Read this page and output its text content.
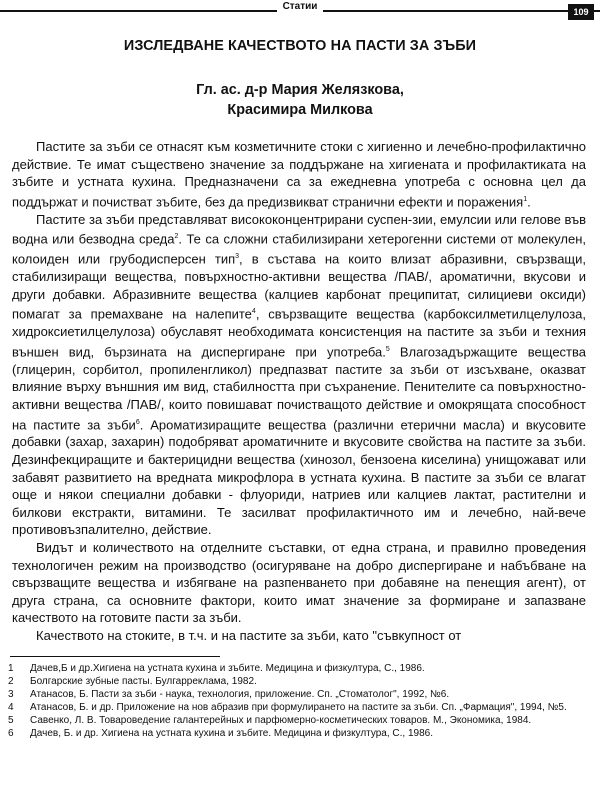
Статии	109
ИЗСЛЕДВАНЕ КАЧЕСТВОТО НА ПАСТИ ЗА ЗЪБИ
Гл. ас. д-р Мария Желязкова,
Красимира Милкова

Пастите за зъби се отнасят към козметичните стоки с хигиенно и лечебно-профилактично действие. Те имат съществено значение за поддържане на хигиената и профилактиката на зъбите и устната кухина. Предназначени са за ежедневна употреба с основна цел да поддържат и почистват зъбите, без да предизвикват странични ефекти и поражения$^1$.

Пастите за зъби представляват висококонцентрирани суспен-зии, емулсии или гелове във водна или безводна среда$^2$. Те са сложни стабилизирани хетерогенни системи от молекулен, колоиден или грубодисперсен тип$^3$, в състава на които влизат абразивни, свързващи, стабилизиращи вещества, повърхностно-активни вещества /ПАВ/, ароматични, вкусови и други добавки. Абразивните вещества (калциев карбонат преципитат, силициеви оксиди) помагат за премахване на налепите$^4$, свързващите вещества (карбоксилметилцелулоза, хидроксиетилцелулоза) обуславят необходимата консистенция на пастите за зъби и техния външен вид, бързината на диспергиране при употреба.$^5$ Влагозадържащите вещества (глицерин, сорбитол, пропиленгликол) предпазват пастите за зъби от изсъхване, оказват влияние върху външния им вид, стабилността при съхранение. Пенителите са повърхностно-активни вещества /ПАВ/, които повишават почистващото действие и омокрящата способност на пастите за зъби$^6$. Ароматизиращите вещества (различни етерични масла) и вкусовите добавки (захар, захарин) подобряват ароматичните и вкусовите свойства на пастите за зъби. Дезинфекциращите и бактерицидни вещества (хинозол, бензоена киселина) унищожават или забавят развитието на вредната микрофлора в устната кухина. В пастите за зъби се влагат още и някои специални добавки - флуориди, натриев или калциев лактат, растителни и билкови екстракти, витамини. Те засилват профилактичното им и лечебно, най-вече противовъзпалително, действие.

Видът и количеството на отделните съставки, от една страна, и правилно проведения технологичен режим на производство (осигуряване на добро диспергиране и набъбване на свързващите вещества и избягване на разпенването при добавяне на пенещия агент), от друга страна, са основните фактори, които имат значение за формиране и запазване качеството на готовите пасти за зъби.

Качеството на стоките, в т.ч. и на пастите за зъби, като "съвкупност от

1	Дачев,Б и др.Хигиена на устната кухина и зъбите. Медицина и физкултура, С., 1986.
2	Болгарские зубные пасты. Булгарреклама, 1982.
3	Атанасов, Б. Пасти за зъби - наука, технология, приложение. Сп. „Стоматолог", 1992, №6.
4	Атанасов, Б. и др. Приложение на нов абразив при формулирането на пастите за зъби. Сп. „Фармация", 1994, №5.
5	Савенко, Л. В. Товароведение галантерейных и парфюмерно-косметических товаров. М., Экономика, 1984.
6	Дачев, Б. и др. Хигиена на устната кухина и зъбите. Медицина и физкултура, С., 1986.
